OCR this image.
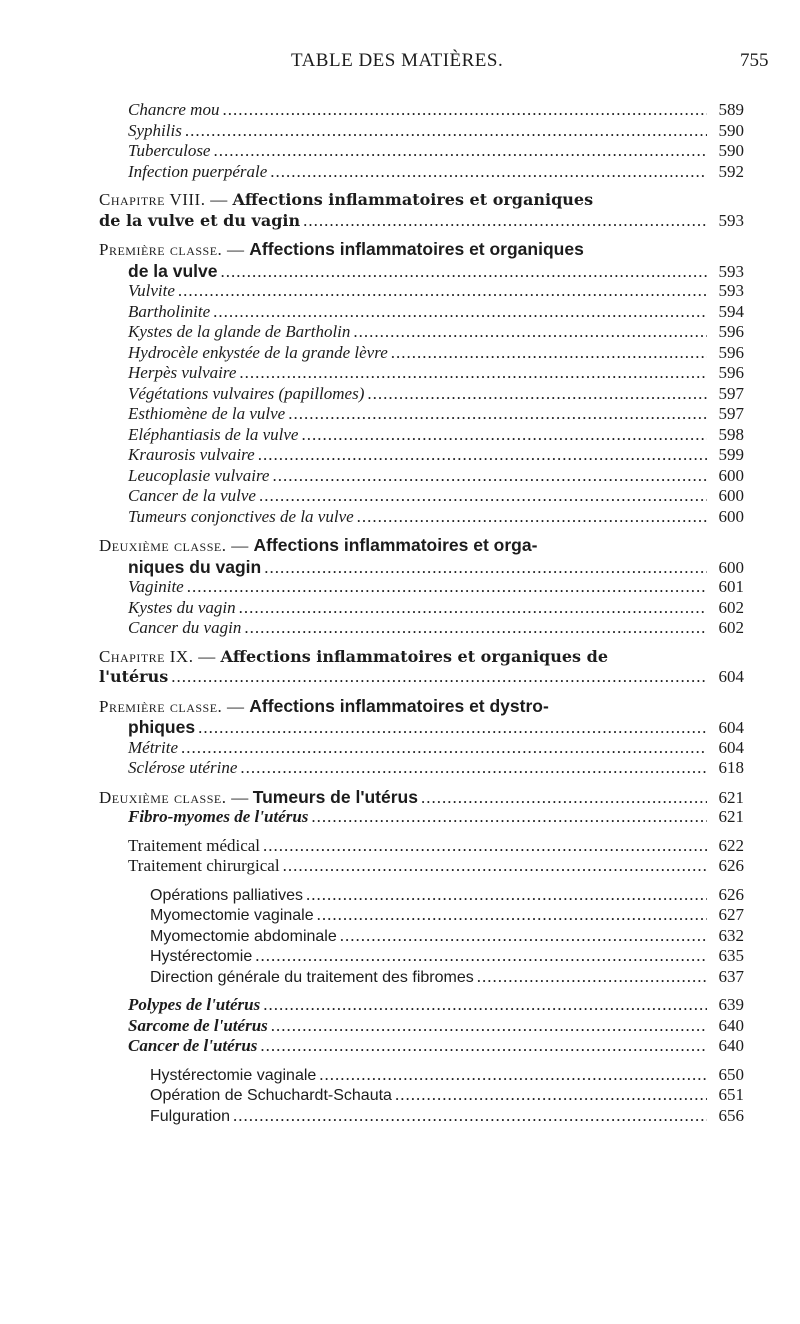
TABLE DES MATIÈRES.	755
Chancre mou .....	589
Syphilis .....	590
Tuberculose .....	590
Infection puerpérale .....	592
Chapitre VIII. — Affections inflammatoires et organiques
de la vulve et du vagin .....	593
Première classe. — Affections inflammatoires et organiques
de la vulve .....	593
Vulvite .....	593
Bartholinite .....	594
Kystes de la glande de Bartholin .....	596
Hydrocèle enkystée de la grande lèvre .....	596
Herpès vulvaire .....	596
Végétations vulvaires (papillomes) .....	597
Esthiomène de la vulve .....	597
Eléphantiasis de la vulve .....	598
Kraurosis vulvaire .....	599
Leucoplasie vulvaire .....	600
Cancer de la vulve .....	600
Tumeurs conjonctives de la vulve .....	600
Deuxième classe. — Affections inflammatoires et orga-
niques du vagin .....	600
Vaginite .....	601
Kystes du vagin .....	602
Cancer du vagin .....	602
Chapitre IX. — Affections inflammatoires et organiques de
l'utérus .....	604
Première classe. — Affections inflammatoires et dystro-
phiques .....	604
Métrite .....	604
Sclérose utérine .....	618
Deuxième classe. — Tumeurs de l'utérus .....	621
Fibro-myomes de l'utérus .....	621
Traitement médical .....	622
Traitement chirurgical .....	626
Opérations palliatives .....	626
Myomectomie vaginale .....	627
Myomectomie abdominale .....	632
Hystérectomie .....	635
Direction générale du traitement des fibromes .....	637
Polypes de l'utérus .....	639
Sarcome de l'utérus .....	640
Cancer de l'utérus .....	640
Hystérectomie vaginale .....	650
Opération de Schuchardt-Schauta .....	651
Fulguration .....	656
